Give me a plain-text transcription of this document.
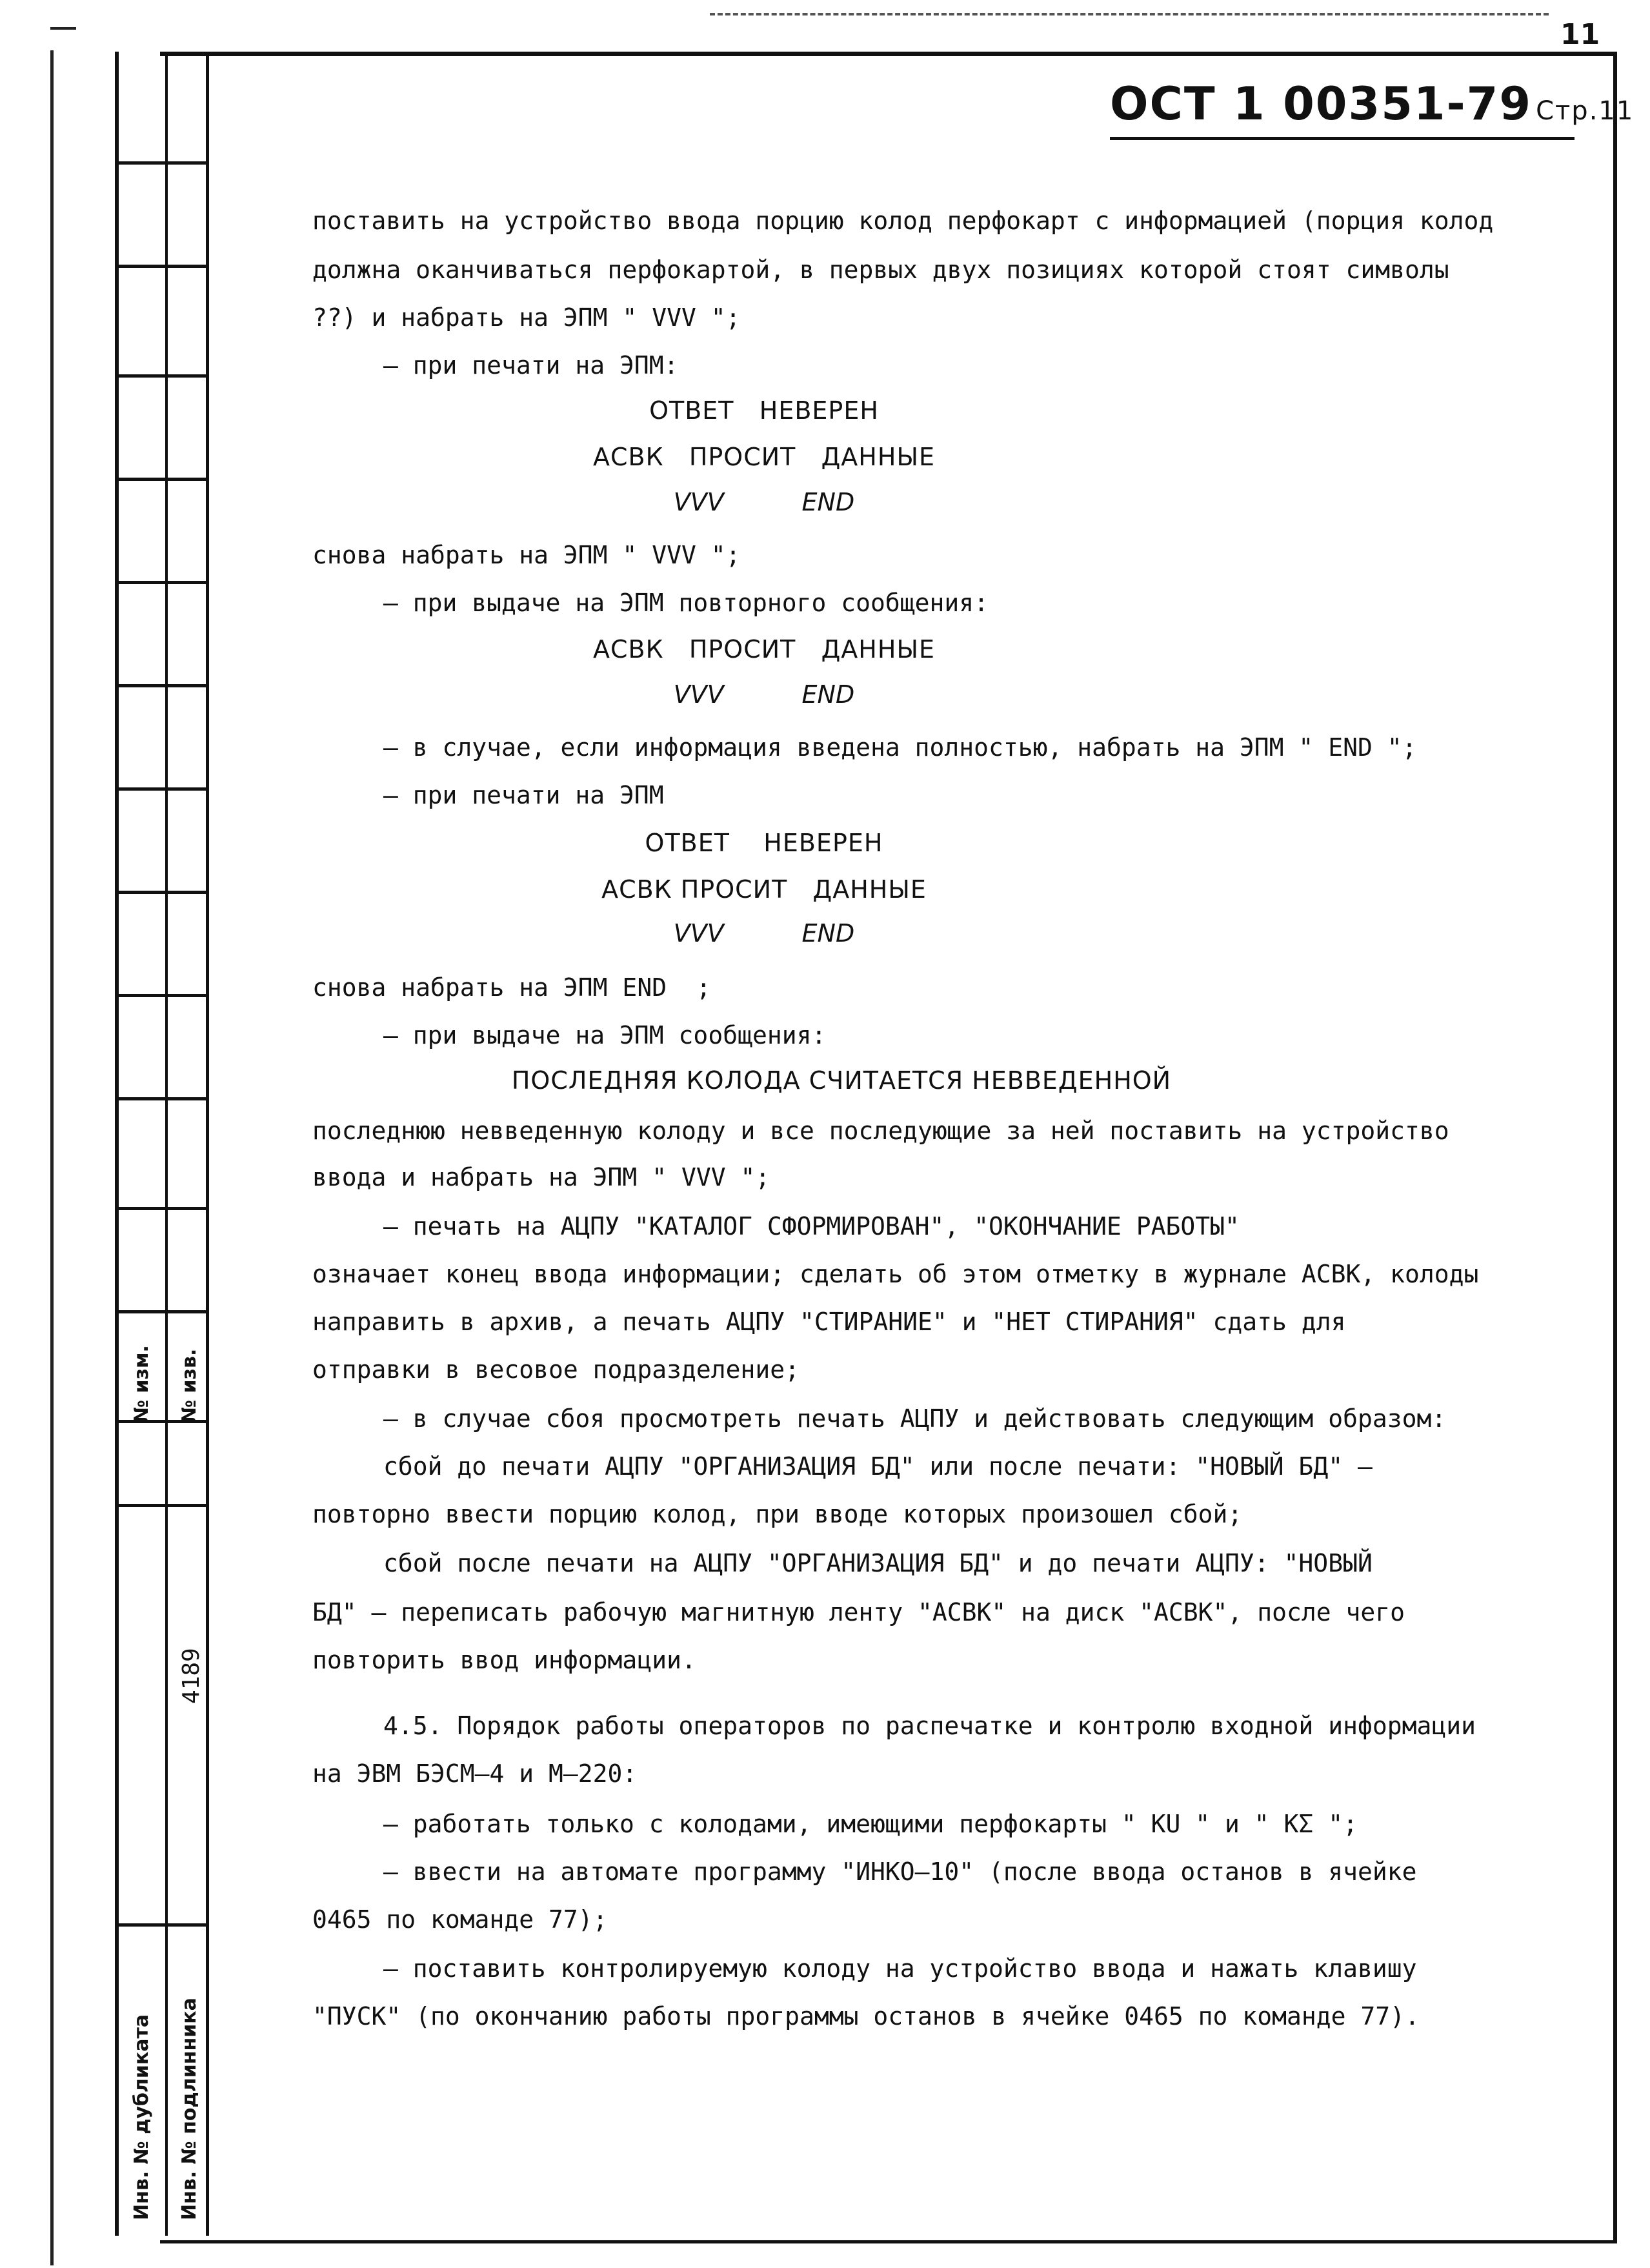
11
№ изм. № изв.
4189
Инв. № дубликата Инв. № подлинника
ОСТ 1 00351-79 Стр.11
поставить на устройство ввода порцию колод перфокарт с информацией (порция колод
должна оканчиваться перфокартой, в первых двух позициях которой стоят символы
??) и набрать на ЭПМ " VVV ";
– при печати на ЭПМ:
ОТВЕТ   НЕВЕРЕН
АСВК   ПРОСИТ   ДАННЫЕ
VVV          END
снова набрать на ЭПМ " VVV ";
– при выдаче на ЭПМ повторного сообщения:
АСВК   ПРОСИТ   ДАННЫЕ
VVV          END
– в случае, если информация введена полностью, набрать на ЭПМ " END ";
– при печати на ЭПМ
ОТВЕТ    НЕВЕРЕН
АСВК ПРОСИТ   ДАННЫЕ
VVV          END
снова набрать на ЭПМ END  ;
– при выдаче на ЭПМ сообщения:
ПОСЛЕДНЯЯ КОЛОДА СЧИТАЕТСЯ НЕВВЕДЕННОЙ
последнюю невведенную колоду и все последующие за ней поставить на устройство
ввода и набрать на ЭПМ " VVV ";
– печать на АЦПУ "КАТАЛОГ СФОРМИРОВАН", "ОКОНЧАНИЕ РАБОТЫ"
означает конец ввода информации; сделать об этом отметку в журнале АСВК, колоды
направить в архив, а печать АЦПУ "СТИРАНИЕ" и "НЕТ СТИРАНИЯ" сдать для
отправки в весовое подразделение;
– в случае сбоя просмотреть печать АЦПУ и действовать следующим образом:
сбой до печати АЦПУ "ОРГАНИЗАЦИЯ БД" или после печати: "НОВЫЙ БД" –
повторно ввести порцию колод, при вводе которых произошел сбой;
сбой после печати на АЦПУ "ОРГАНИЗАЦИЯ БД" и до печати АЦПУ: "НОВЫЙ
БД" – переписать рабочую магнитную ленту "АСВК" на диск "АСВК", после чего
повторить ввод информации.
4.5. Порядок работы операторов по распечатке и контролю входной информации
на ЭВМ БЭСМ–4 и М–220:
– работать только с колодами, имеющими перфокарты " КU " и " КΣ ";
– ввести на автомате программу "ИНКО–10" (после ввода останов в ячейке
0465 по команде 77);
– поставить контролируемую колоду на устройство ввода и нажать клавишу
"ПУСК" (по окончанию работы программы останов в ячейке 0465 по команде 77).
